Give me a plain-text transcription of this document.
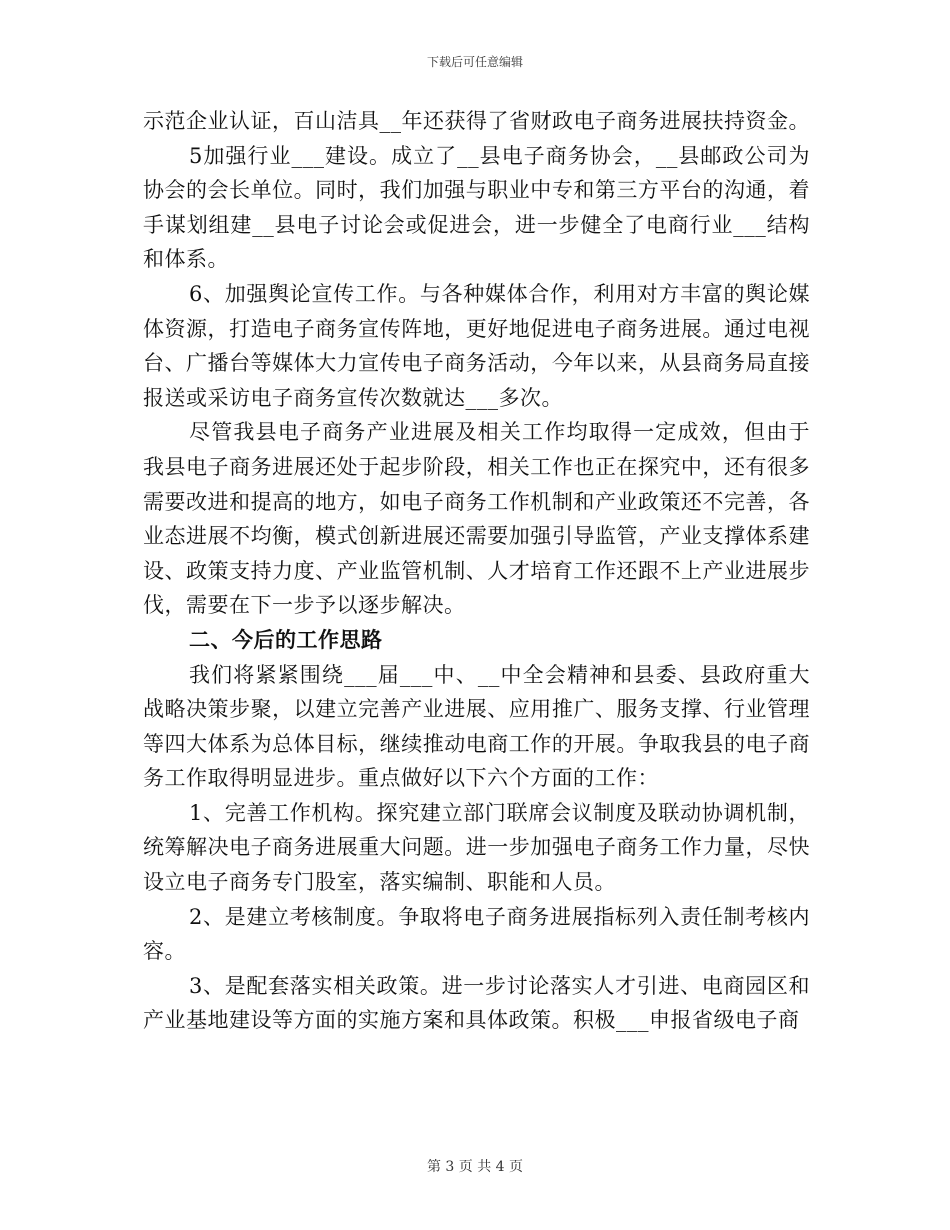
下载后可任意编辑

示范企业认证，百山洁具__年还获得了省财政电子商务进展扶持资金。

5加强行业___建设。成立了__县电子商务协会，__县邮政公司为协会的会长单位。同时，我们加强与职业中专和第三方平台的沟通，着手谋划组建__县电子讨论会或促进会，进一步健全了电商行业___结构和体系。

6、加强舆论宣传工作。与各种媒体合作，利用对方丰富的舆论媒体资源，打造电子商务宣传阵地，更好地促进电子商务进展。通过电视台、广播台等媒体大力宣传电子商务活动，今年以来，从县商务局直接报送或采访电子商务宣传次数就达___多次。

尽管我县电子商务产业进展及相关工作均取得一定成效，但由于我县电子商务进展还处于起步阶段，相关工作也正在探究中，还有很多需要改进和提高的地方，如电子商务工作机制和产业政策还不完善，各业态进展不均衡，模式创新进展还需要加强引导监管，产业支撑体系建设、政策支持力度、产业监管机制、人才培育工作还跟不上产业进展步伐，需要在下一步予以逐步解决。

二、今后的工作思路

我们将紧紧围绕___届___中、__中全会精神和县委、县政府重大战略决策步聚，以建立完善产业进展、应用推广、服务支撑、行业管理等四大体系为总体目标，继续推动电商工作的开展。争取我县的电子商务工作取得明显进步。重点做好以下六个方面的工作：

1、完善工作机构。探究建立部门联席会议制度及联动协调机制，统筹解决电子商务进展重大问题。进一步加强电子商务工作力量，尽快设立电子商务专门股室，落实编制、职能和人员。

2、是建立考核制度。争取将电子商务进展指标列入责任制考核内容。

3、是配套落实相关政策。进一步讨论落实人才引进、电商园区和产业基地建设等方面的实施方案和具体政策。积极___申报省级电子商

第 3 页 共 4 页
